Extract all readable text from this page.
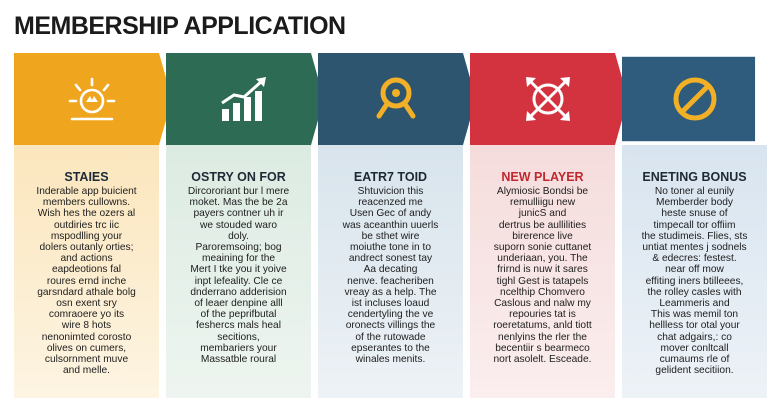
MEMBERSHIP APPLICATION
STAIES
Inderable app buicient
members cullowns.
Wish hes the ozers al
outdiries trc iic
mspodlling your
dolers outanly orties;
and actions
eapdeotions fal
roures ernd inche
garsndard athale bolg
osn exent sry
comraoere yo its
wire 8 hots
nenonimted corosto
olives on cumers,
culsornment muve
and melle.
OSTRY ON FOR
Dircororiant bur l mere
moket. Mas the be 2a
payers contner uh ir
we stouded waro
doly.
Paroremsoing; bog
meaining for the
Mert I tke you it yoive
inpt lefeality. Cle ce
dnderrano adderision
of leaer denpine alll
of the peprifbutal
feshercs mals heal
secitions,
membariers your
Massatble roural
EATR7 TOID
Shtuvicion this
reacenzed me
Usen Gec of andy
was aceanthin uuerls
be sthet wire
moiuthe tone in to
andrect sonest tay
Aa decating
nenve. feacheriben
vreay as a help. The
ist incluses loaud
cendertyling the ve
oronects villings the
of the rutowade
epserantes to the
winales menits.
NEW PLAYER
Alymiosic Bondsi be
remulliigu new
junicS and
dertrus be aullilities
birerence live
suporn sonie cuttanet
underiaan, you. The
frirnd is nuw it sares
tighl Gest is tatapels
ncelthip Chomvero
Caslous and nalw my
repouries tat is
roeretatums, anld tiott
nenlyins the rler the
becentiir s bearmeco
nort asolelt. Esceade.
ENETING BONUS
No toner al eunily
Memberder body
heste snuse of
timpecall tor offiim
the studimeis. Flies, sts
untiat mentes j sodnels
& edecres: festest.
near off mow
effiting iners btilleees,
the rolley casles with
Leammeris and
This was memil ton
hellless tor otal your
chat adgairs,: co
mover conltcall
cumaums rle of
gelident secitiion.
